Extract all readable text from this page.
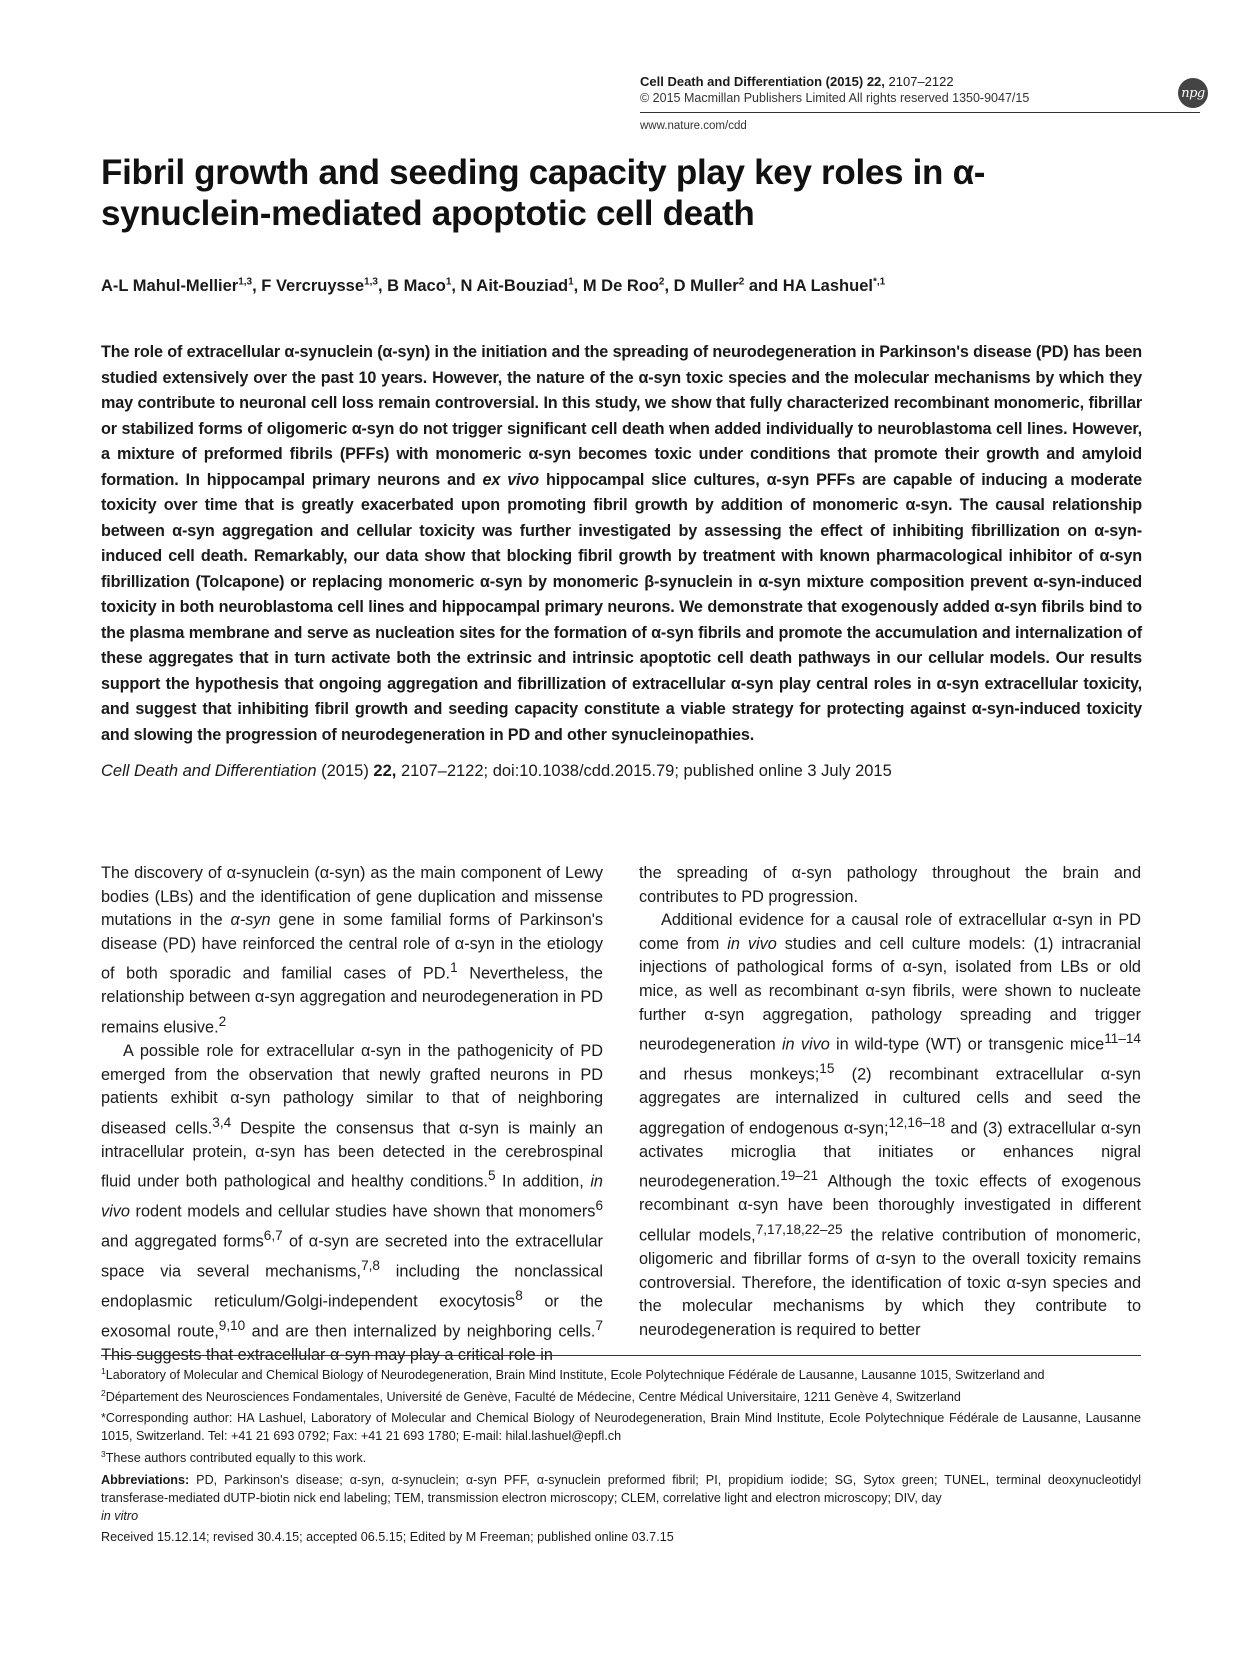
Cell Death and Differentiation (2015) 22, 2107–2122
© 2015 Macmillan Publishers Limited All rights reserved 1350-9047/15
www.nature.com/cdd
npg
Fibril growth and seeding capacity play key roles in α-synuclein-mediated apoptotic cell death
A-L Mahul-Mellier$^{1,3}$, F Vercruysse$^{1,3}$, B Maco$^1$, N Ait-Bouziad$^1$, M De Roo$^2$, D Muller$^2$ and HA Lashuel$^{*,1}$

The role of extracellular α-synuclein (α-syn) in the initiation and the spreading of neurodegeneration in Parkinson's disease (PD) has been studied extensively over the past 10 years. However, the nature of the α-syn toxic species and the molecular mechanisms by which they may contribute to neuronal cell loss remain controversial. In this study, we show that fully characterized recombinant monomeric, fibrillar or stabilized forms of oligomeric α-syn do not trigger significant cell death when added individually to neuroblastoma cell lines. However, a mixture of preformed fibrils (PFFs) with monomeric α-syn becomes toxic under conditions that promote their growth and amyloid formation. In hippocampal primary neurons and ex vivo hippocampal slice cultures, α-syn PFFs are capable of inducing a moderate toxicity over time that is greatly exacerbated upon promoting fibril growth by addition of monomeric α-syn. The causal relationship between α-syn aggregation and cellular toxicity was further investigated by assessing the effect of inhibiting fibrillization on α-syn-induced cell death. Remarkably, our data show that blocking fibril growth by treatment with known pharmacological inhibitor of α-syn fibrillization (Tolcapone) or replacing monomeric α-syn by monomeric β-synuclein in α-syn mixture composition prevent α-syn-induced toxicity in both neuroblastoma cell lines and hippocampal primary neurons. We demonstrate that exogenously added α-syn fibrils bind to the plasma membrane and serve as nucleation sites for the formation of α-syn fibrils and promote the accumulation and internalization of these aggregates that in turn activate both the extrinsic and intrinsic apoptotic cell death pathways in our cellular models. Our results support the hypothesis that ongoing aggregation and fibrillization of extracellular α-syn play central roles in α-syn extracellular toxicity, and suggest that inhibiting fibril growth and seeding capacity constitute a viable strategy for protecting against α-syn-induced toxicity and slowing the progression of neurodegeneration in PD and other synucleinopathies.

Cell Death and Differentiation (2015) 22, 2107–2122; doi:10.1038/cdd.2015.79; published online 3 July 2015

The discovery of α-synuclein (α-syn) as the main component of Lewy bodies (LBs) and the identification of gene duplication and missense mutations in the α-syn gene in some familial forms of Parkinson's disease (PD) have reinforced the central role of α-syn in the etiology of both sporadic and familial cases of PD.$^1$ Nevertheless, the relationship between α-syn aggregation and neurodegeneration in PD remains elusive.$^2$

A possible role for extracellular α-syn in the pathogenicity of PD emerged from the observation that newly grafted neurons in PD patients exhibit α-syn pathology similar to that of neighboring diseased cells.$^{3,4}$ Despite the consensus that α-syn is mainly an intracellular protein, α-syn has been detected in the cerebrospinal fluid under both pathological and healthy conditions.$^5$ In addition, in vivo rodent models and cellular studies have shown that monomers$^6$ and aggregated forms$^{6,7}$ of α-syn are secreted into the extracellular space via several mechanisms,$^{7,8}$ including the nonclassical endoplasmic reticulum/Golgi-independent exocytosis$^8$ or the exosomal route,$^{9,10}$ and are then internalized by neighboring cells.$^7$ This suggests that extracellular α-syn may play a critical role in

the spreading of α-syn pathology throughout the brain and contributes to PD progression.

Additional evidence for a causal role of extracellular α-syn in PD come from in vivo studies and cell culture models: (1) intracranial injections of pathological forms of α-syn, isolated from LBs or old mice, as well as recombinant α-syn fibrils, were shown to nucleate further α-syn aggregation, pathology spreading and trigger neurodegeneration in vivo in wild-type (WT) or transgenic mice$^{11-14}$ and rhesus monkeys;$^{15}$ (2) recombinant extracellular α-syn aggregates are internalized in cultured cells and seed the aggregation of endogenous α-syn;$^{12,16-18}$ and (3) extracellular α-syn activates microglia that initiates or enhances nigral neurodegeneration.$^{19-21}$ Although the toxic effects of exogenous recombinant α-syn have been thoroughly investigated in different cellular models,$^{7,17,18,22-25}$ the relative contribution of monomeric, oligomeric and fibrillar forms of α-syn to the overall toxicity remains controversial. Therefore, the identification of toxic α-syn species and the molecular mechanisms by which they contribute to neurodegeneration is required to better

$^1$Laboratory of Molecular and Chemical Biology of Neurodegeneration, Brain Mind Institute, Ecole Polytechnique Fédérale de Lausanne, Lausanne 1015, Switzerland and
$^2$Département des Neurosciences Fondamentales, Université de Genève, Faculté de Médecine, Centre Médical Universitaire, 1211 Genève 4, Switzerland

*Corresponding author: HA Lashuel, Laboratory of Molecular and Chemical Biology of Neurodegeneration, Brain Mind Institute, Ecole Polytechnique Fédérale de Lausanne, Lausanne 1015, Switzerland. Tel: +41 21 693 0792; Fax: +41 21 693 1780; E-mail: hilal.lashuel@epfl.ch

$^3$These authors contributed equally to this work.

Abbreviations: PD, Parkinson's disease; α-syn, α-synuclein; α-syn PFF, α-synuclein preformed fibril; PI, propidium iodide; SG, Sytox green; TUNEL, terminal deoxynucleotidyl transferase-mediated dUTP-biotin nick end labeling; TEM, transmission electron microscopy; CLEM, correlative light and electron microscopy; DIV, day
in vitro

Received 15.12.14; revised 30.4.15; accepted 06.5.15; Edited by M Freeman; published online 03.7.15
